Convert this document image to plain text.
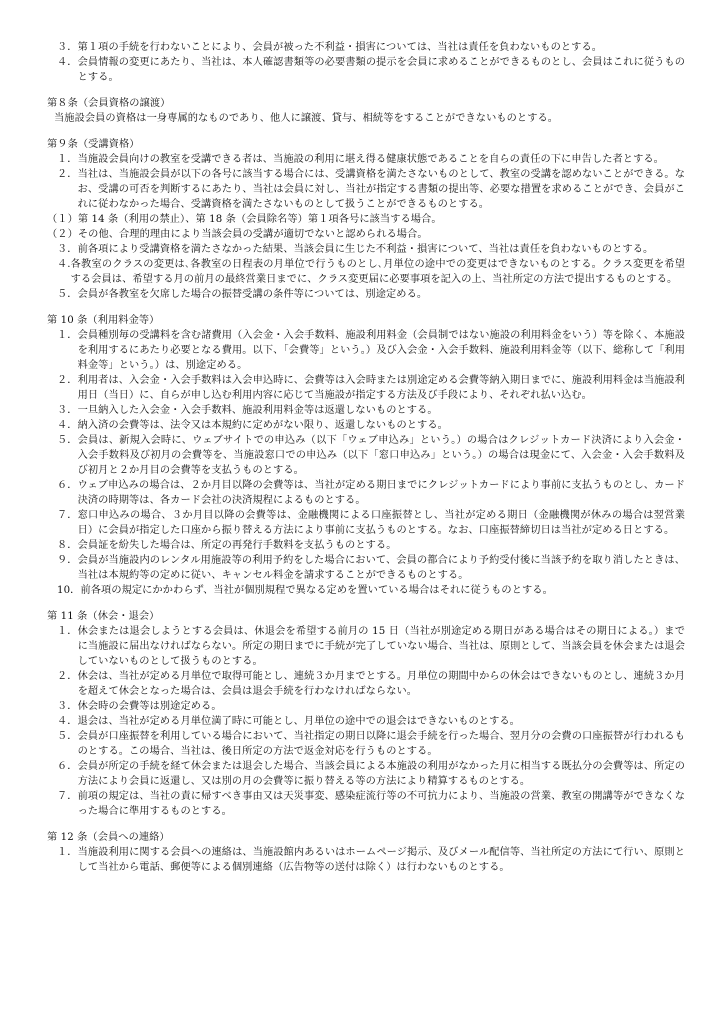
３． 第１項の手続を行わないことにより、会員が被った不利益・損害については、当社は責任を負わないものとする。
４． 会員情報の変更にあたり、当社は、本人確認書類等の必要書類の提示を会員に求めることができるものとし、会員はこれに従うものとする。
第８条（会員資格の譲渡）
当施設会員の資格は一身専属的なものであり、他人に譲渡、貸与、相続等をすることができないものとする。
第９条（受講資格）
１． 当施設会員向けの教室を受講できる者は、当施設の利用に堪え得る健康状態であることを自らの責任の下に申告した者とする。
２． 当社は、当施設会員が以下の各号に該当する場合には、受講資格を満たさないものとして、教室の受講を認めないことができる。なお、受講の可否を判断するにあたり、当社は会員に対し、当社が指定する書類の提出等、必要な措置を求めることができ、会員がこれに従わなかった場合、受講資格を満たさないものとして扱うことができるものとする。
（１） 第 14 条（利用の禁止）、第 18 条（会員除名等）第１項各号に該当する場合。
（２） その他、合理的理由により当該会員の受講が適切でないと認められる場合。
３． 前各項により受講資格を満たさなかった結果、当該会員に生じた不利益・損害について、当社は責任を負わないものとする。
４. 各教室のクラスの変更は､各教室の日程表の月単位で行うものとし､月単位の途中での変更はできないものとする。クラス変更を希望する会員は、希望する月の前月の最終営業日までに、クラス変更届に必要事項を記入の上、当社所定の方法で提出するものとする。
５． 会員が各教室を欠席した場合の振替受講の条件等については、別途定める。
第 10 条（利用料金等）
１． 会員種別毎の受講料を含む諸費用（入会金・入会手数料、施設利用料金（会員制ではない施設の利用料金をいう）等を除く、本施設を利用するにあたり必要となる費用。以下、「会費等」という。）及び入会金・入会手数料、施設利用料金等（以下、総称して「利用料金等」という。）は、別途定める。
２． 利用者は、入会金・入会手数料は入会申込時に、会費等は入会時または別途定める会費等納入期日までに、施設利用料金は当施設利用日（当日）に、自らが申し込む利用内容に応じて当施設が指定する方法及び手段により、それぞれ払い込む。
３． 一旦納入した入会金・入会手数料、施設利用料金等は返還しないものとする。
４． 納入済の会費等は、法令又は本規約に定めがない限り、返還しないものとする。
５． 会員は、新規入会時に、ウェブサイトでの申込み（以下「ウェブ申込み」という。）の場合はクレジットカード決済により入会金・入会手数料及び初月の会費等を、当施設窓口での申込み（以下「窓口申込み」という。）の場合は現金にて、入会金・入会手数料及び初月と２か月目の会費等を支払うものとする。
６． ウェブ申込みの場合は、２か月目以降の会費等は、当社が定める期日までにクレジットカードにより事前に支払うものとし、カード決済の時期等は、各カード会社の決済規程によるものとする。
７． 窓口申込みの場合、３か月目以降の会費等は、金融機関による口座振替とし、当社が定める期日（金融機関が休みの場合は翌営業日）に会員が指定した口座から振り替える方法により事前に支払うものとする。なお、口座振替締切日は当社が定める日とする。
８． 会員証を紛失した場合は、所定の再発行手数料を支払うものとする。
９． 会員が当施設内のレンタル用施設等の利用予約をした場合において、会員の都合により予約受付後に当該予約を取り消したときは、当社は本規約等の定めに従い、キャンセル料金を請求することができるものとする。
10． 前各項の規定にかかわらず、当社が個別規程で異なる定めを置いている場合はそれに従うものとする。
第 11 条（休会・退会）
１． 休会または退会しようとする会員は、休退会を希望する前月の 15 日（当社が別途定める期日がある場合はその期日による。）までに当施設に届出なければならない。所定の期日までに手続が完了していない場合、当社は、原則として、当該会員を休会または退会していないものとして扱うものとする。
２． 休会は、当社が定める月単位で取得可能とし、連続３か月までとする。月単位の期間中からの休会はできないものとし、連続３か月を超えて休会となった場合は、会員は退会手続を行わなければならない。
３． 休会時の会費等は別途定める。
４． 退会は、当社が定める月単位満了時に可能とし、月単位の途中での退会はできないものとする。
５． 会員が口座振替を利用している場合において、当社指定の期日以降に退会手続を行った場合、翌月分の会費の口座振替が行われるものとする。この場合、当社は、後日所定の方法で返金対応を行うものとする。
６． 会員が所定の手続を経て休会または退会した場合、当該会員による本施設の利用がなかった月に相当する既払分の会費等は、所定の方法により会員に返還し、又は別の月の会費等に振り替える等の方法により精算するものとする。
７． 前項の規定は、当社の責に帰すべき事由又は天災事変、感染症流行等の不可抗力により、当施設の営業、教室の開講等ができなくなった場合に準用するものとする。
第 12 条（会員への連絡）
１． 当施設利用に関する会員への連絡は、当施設館内あるいはホームページ掲示、及びメール配信等、当社所定の方法にて行い、原則として当社から電話、郵便等による個別連絡（広告物等の送付は除く）は行わないものとする。
